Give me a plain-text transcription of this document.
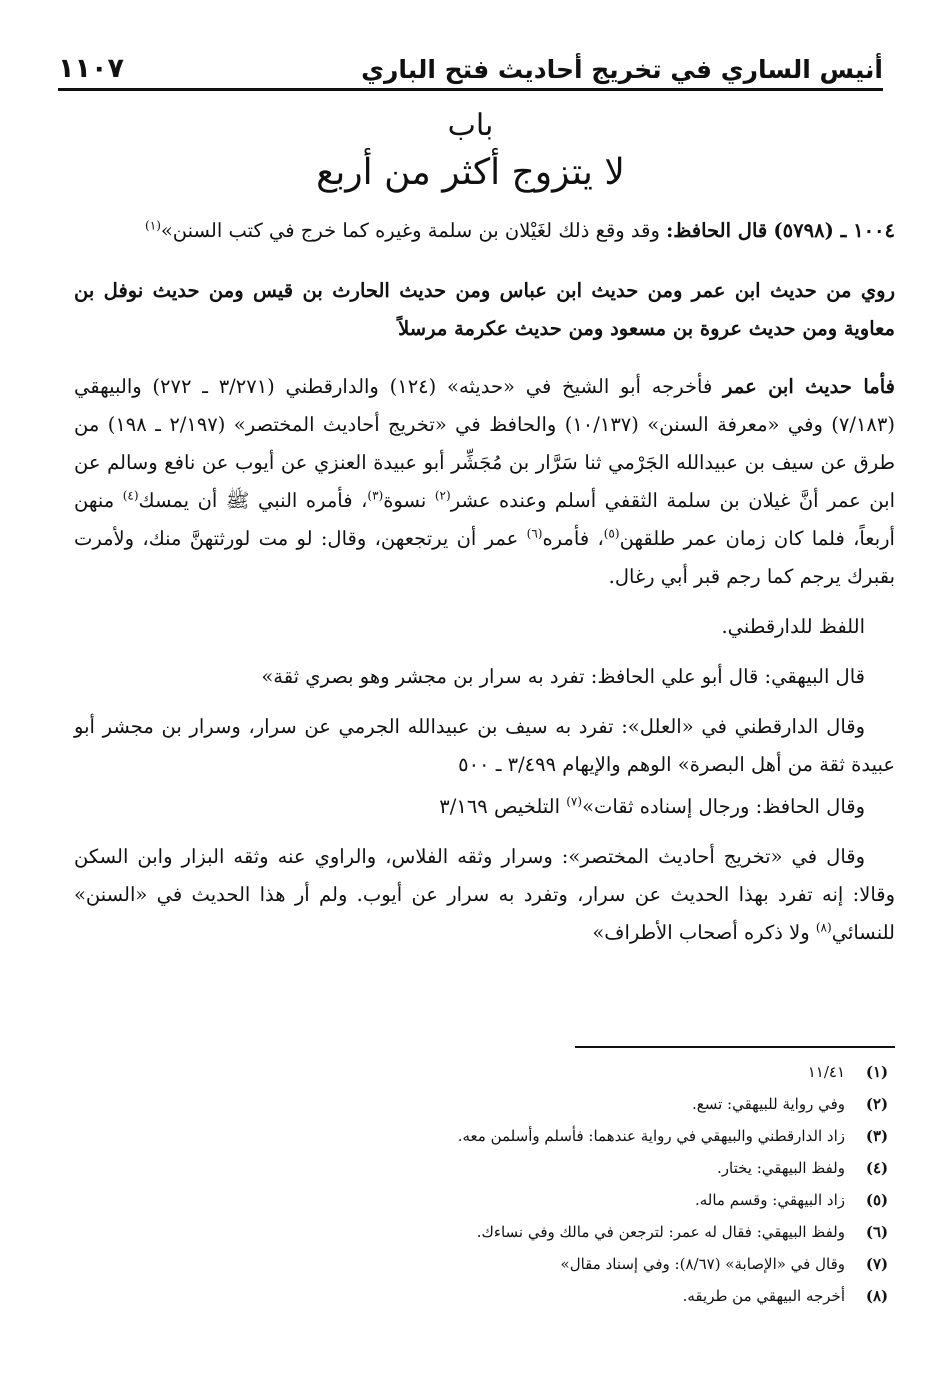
١١٠٧	أنيس الساري في تخريج أحاديث فتح الباري
باب
لا يتزوج أكثر من أربع

١٠٠٤ ـ (٥٧٩٨) قال الحافظ: وقد وقع ذلك لغَيْلان بن سلمة وغيره كما خرج في كتب السنن»$^{(١)}$

روي من حديث ابن عمر ومن حديث ابن عباس ومن حديث الحارث بن قيس ومن حديث نوفل بن معاوية ومن حديث عروة بن مسعود ومن حديث عكرمة مرسلاً

فأما حديث ابن عمر فأخرجه أبو الشيخ في «حديثه» (١٢٤) والدارقطني (٣/٢٧١ ـ ٢٧٢) والبيهقي (٧/١٨٣) وفي «معرفة السنن» (١٠/١٣٧) والحافظ في «تخريج أحاديث المختصر» (٢/١٩٧ ـ ١٩٨) من طرق عن سيف بن عبيدالله الجَرْمي ثنا سَرَّار بن مُجَشِّر أبو عبيدة العنزي عن أيوب عن نافع وسالم عن ابن عمر أنَّ غيلان بن سلمة الثقفي أسلم وعنده عشر$^{(٢)}$ نسوة$^{(٣)}$، فأمره النبي ﷺ أن يمسك$^{(٤)}$ منهن أربعاً، فلما كان زمان عمر طلقهن$^{(٥)}$، فأمره$^{(٦)}$ عمر أن يرتجعهن، وقال: لو مت لورثتهنَّ منك، ولأمرت بقبرك يرجم كما رجم قبر أبي رغال.

اللفظ للدارقطني.

قال البيهقي: قال أبو علي الحافظ: تفرد به سرار بن مجشر وهو بصري ثقة»

وقال الدارقطني في «العلل»: تفرد به سيف بن عبيدالله الجرمي عن سرار، وسرار بن مجشر أبو عبيدة ثقة من أهل البصرة» الوهم والإيهام ٣/٤٩٩ ـ ٥٠٠

وقال الحافظ: ورجال إسناده ثقات»$^{(٧)}$ التلخيص ٣/١٦٩

وقال في «تخريج أحاديث المختصر»: وسرار وثقه الفلاس، والراوي عنه وثقه البزار وابن السكن وقالا: إنه تفرد بهذا الحديث عن سرار، وتفرد به سرار عن أيوب. ولم أر هذا الحديث في «السنن» للنسائي$^{(٨)}$ ولا ذكره أصحاب الأطراف»

(١)
١١/٤١
(٢)
وفي رواية للبيهقي: تسع.
(٣)
زاد الدارقطني والبيهقي في رواية عندهما: فأسلم وأسلمن معه.
(٤)
ولفظ البيهقي: يختار.
(٥)
زاد البيهقي: وقسم ماله.
(٦)
ولفظ البيهقي: فقال له عمر: لترجعن في مالك وفي نساءك.
(٧)
وقال في «الإصابة» (٨/٦٧): وفي إسناد مقال»
(٨)
أخرجه البيهقي من طريقه.
